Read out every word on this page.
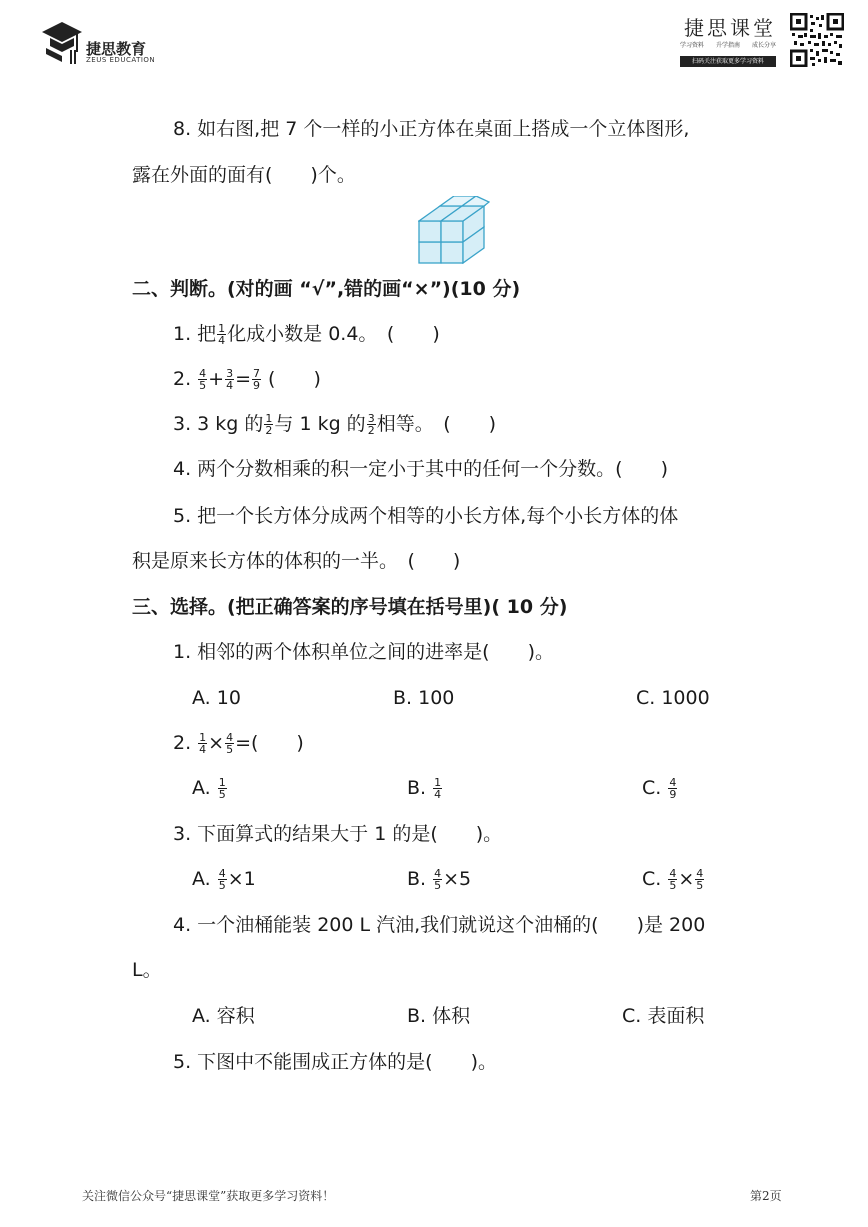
捷思教育
ZEUS EDUCATION
捷思课堂
学习资料 升学指南 成长分享
扫码关注获取更多学习资料
8. 如右图,把 7 个一样的小正方体在桌面上搭成一个立体图形,
露在外面的面有(　　)个。
二、判断。(对的画 “√”,错的画“×”)(10 分)
1. 把 $\frac{1}{4}$ 化成小数是 0.4。　(　　)
2. $\frac{4}{5} + \frac{3}{4} = \frac{7}{9}$ (　　)
3. 3 kg 的 $\frac{1}{2}$ 与 1 kg 的 $\frac{3}{2}$ 相等。　(　　)
4. 两个分数相乘的积一定小于其中的任何一个分数。(　　)
5. 把一个长方体分成两个相等的小长方体,每个小长方体的体
积是原来长方体的体积的一半。　(　　)
三、选择。(把正确答案的序号填在括号里)( 10 分)
1. 相邻的两个体积单位之间的进率是(　　)。
A. 10	B. 100	C. 1000
2. $\frac{1}{4} \times \frac{4}{5}$ =(　　)
A. $\frac{1}{5}$	B. $\frac{1}{4}$	C. $\frac{4}{9}$
3. 下面算式的结果大于 1 的是(　　)。
A. $\frac{4}{5} \times 1$	B. $\frac{4}{5} \times 5$	C. $\frac{4}{5} \times \frac{4}{5}$
4. 一个油桶能装 200 L 汽油,我们就说这个油桶的(　　)是 200
L。
A. 容积	B. 体积	C. 表面积
5. 下图中不能围成正方体的是(　　)。
关注微信公众号“捷思课堂”获取更多学习资料！	第2页
